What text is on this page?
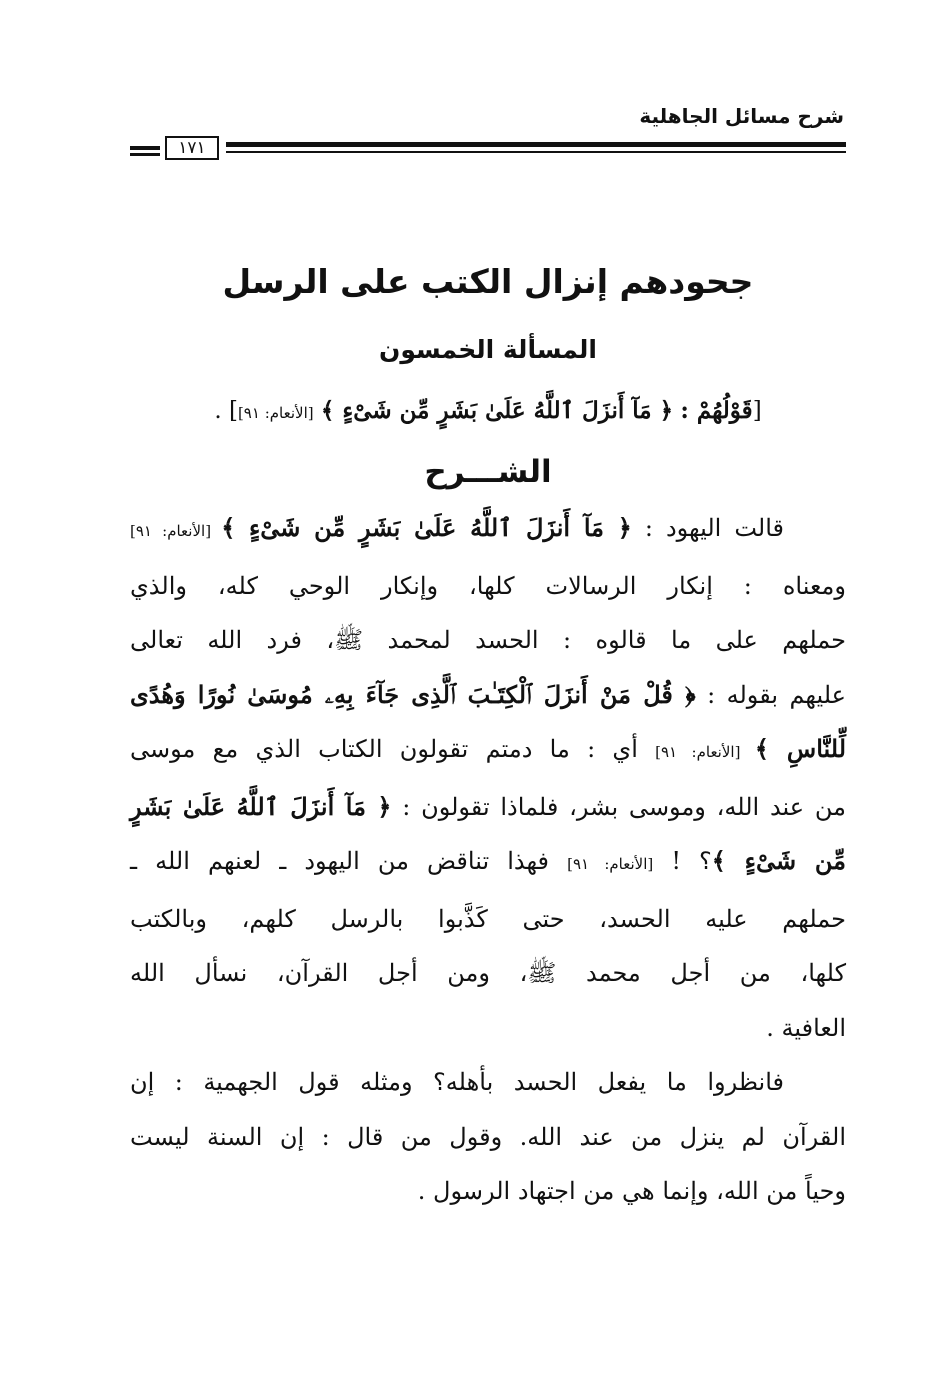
شرح مسائل الجاهلية
١٧١
جحودهم إنزال الكتب على الرسل
المسألة الخمسون
[قَوْلُهُمْ : ﴿ مَآ أَنزَلَ ٱللَّهُ عَلَىٰ بَشَرٍ مِّن شَىْءٍ ﴾ [الأنعام: ٩١]] .
الشـــرح
قالت اليهود : ﴿ مَآ أَنزَلَ ٱللَّهُ عَلَىٰ بَشَرٍ مِّن شَىْءٍ ﴾ [الأنعام: ٩١]
ومعناه : إنكار الرسالات كلها، وإنكار الوحي كله، والذي
حملهم على ما قالوه : الحسد لمحمد ﷺ، فرد الله تعالى
عليهم بقوله : ﴿ قُلْ مَنْ أَنزَلَ ٱلْكِتَـٰبَ ٱلَّذِى جَآءَ بِهِۦ مُوسَىٰ نُورًا وَهُدًى
لِّلنَّاسِ ﴾ [الأنعام: ٩١] أي : ما دمتم تقولون الكتاب الذي مع موسى
من عند الله، وموسى بشر، فلماذا تقولون : ﴿ مَآ أَنزَلَ ٱللَّهُ عَلَىٰ بَشَرٍ
مِّن شَىْءٍ ﴾؟ ! [الأنعام: ٩١] فهذا تناقض من اليهود ـ لعنهم الله ـ
حملهم عليه الحسد، حتى كَذَّبوا بالرسل كلهم، وبالكتب
كلها، من أجل محمد ﷺ، ومن أجل القرآن، نسأل الله
العافية .
فانظروا ما يفعل الحسد بأهله؟ ومثله قول الجهمية : إن
القرآن لم ينزل من عند الله. وقول من قال : إن السنة ليست
وحياً من الله، وإنما هي من اجتهاد الرسول .
